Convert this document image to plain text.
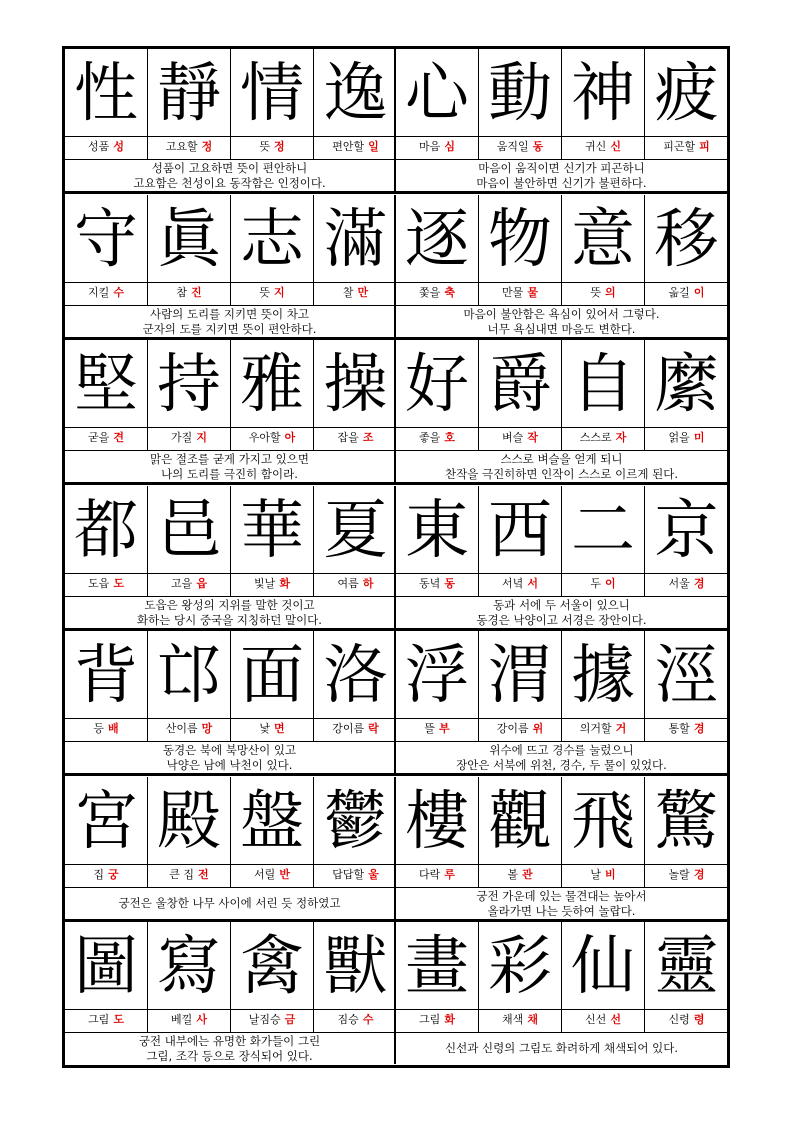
性
성품 성
靜
고요할 정
情
뜻 정
逸
편안할 일
성품이 고요하면 뜻이 편안하니
고요함은 천성이요 동작함은 인정이다.
心
마음 심
動
움직일 동
神
귀신 신
疲
피곤할 피
마음이 움직이면 신기가 피곤하니
마음이 불안하면 신기가 불편하다.
守
지킬 수
眞
참 진
志
뜻 지
滿
찰 만
사람의 도리를 지키면 뜻이 차고
군자의 도를 지키면 뜻이 편안하다.
逐
쫓을 축
物
만물 물
意
뜻 의
移
옮길 이
마음이 불안함은 욕심이 있어서 그렇다.
너무 욕심내면 마음도 변한다.
堅
굳을 견
持
가질 지
雅
우아할 아
操
잡을 조
맑은 절조를 굳게 가지고 있으면
나의 도리를 극진히 함이라.
好
좋을 호
爵
벼슬 작
自
스스로 자
縻
얽을 미
스스로 벼슬을 얻게 되니
찬작을 극진히하면 인작이 스스로 이르게 된다.
都
도읍 도
邑
고을 읍
華
빛날 화
夏
여름 하
도읍은 왕성의 지위를 말한 것이고
화하는 당시 중국을 지칭하던 말이다.
東
동녘 동
西
서녘 서
二
두 이
京
서울 경
동과 서에 두 서울이 있으니
동경은 낙양이고 서경은 장안이다.
背
등 배
邙
산이름 망
面
낯 면
洛
강이름 락
동경은 북에 북망산이 있고
낙양은 남에 낙천이 있다.
浮
뜰 부
渭
강이름 위
據
의거할 거
涇
통할 경
위수에 뜨고 경수를 눌렀으니
장안은 서북에 위천, 경수, 두 물이 있었다.
宮
집 궁
殿
큰 집 전
盤
서릴 반
鬱
답답할 울
궁전은 울창한 나무 사이에 서린 듯 정하였고
樓
다락 루
觀
볼 관
飛
날 비
驚
놀랄 경
궁전 가운데 있는 물견대는 높아서
올라가면 나는 듯하여 놀랍다.
圖
그림 도
寫
베낄 사
禽
날짐승 금
獸
짐승 수
궁전 내부에는 유명한 화가들이 그린
그림, 조각 등으로 장식되어 있다.
畫
그림 화
彩
채색 채
仙
신선 선
靈
신령 령
신선과 신령의 그림도 화려하게 채색되어 있다.
